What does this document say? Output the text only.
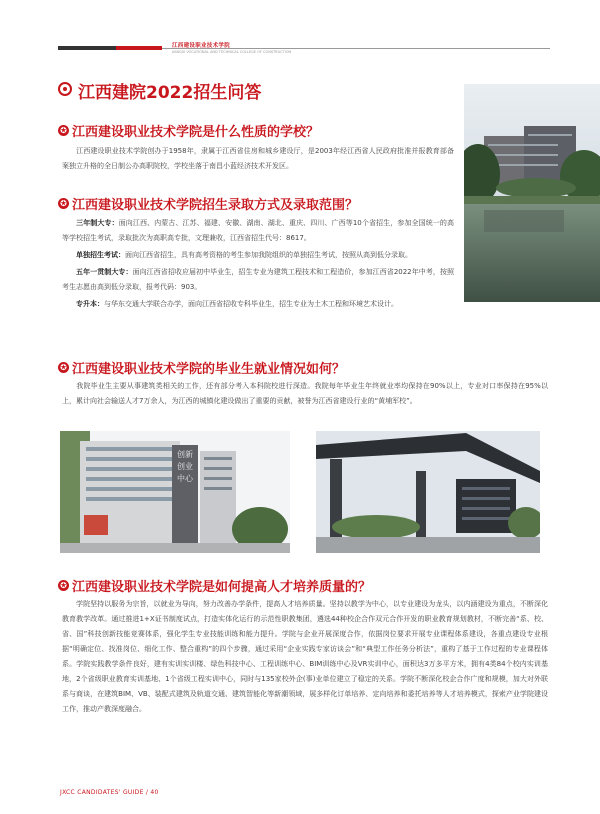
江西建设职业技术学院
JIANGXI VOCATIONAL AND TECHNICAL COLLEGE OF CONSTRUCTION
江西建院2022招生问答
✪ 江西建设职业技术学院是什么性质的学校？

江西建设职业技术学院创办于1958年，隶属于江西省住房和城乡建设厅，是2003年经江西省人民政府批准并报教育部备案独立升格的全日制公办高职院校，学校坐落于南昌小蓝经济技术开发区。

✪ 江西建设职业技术学院招生录取方式及录取范围？

三年制大专：面向江西、内蒙古、江苏、福建、安徽、湖南、湖北、重庆、四川、广西等10个省招生，参加全国统一的高等学校招生考试，录取批次为高职高专批，文理兼收，江西省招生代号：8617。

单独招生考试：面向江西省招生，具有高考资格的考生参加我院组织的单独招生考试，按照从高到低分录取。

五年一贯制大专：面向江西省招收应届初中毕业生，招生专业为建筑工程技术和工程造价，参加江西省2022年中考，按照考生志愿由高到低分录取，报考代码：903。

专升本：与华东交通大学联合办学，面向江西省招收专科毕业生，招生专业为土木工程和环境艺术设计。

✪ 江西建设职业技术学院的毕业生就业情况如何？

我院毕业生主要从事建筑类相关的工作，还有部分考入本科院校进行深造。我院每年毕业生年终就业率均保持在90%以上，专业对口率保持在95%以上，累计向社会输送人才7万余人，为江西的城镇化建设做出了重要的贡献，被誉为江西省建设行业的“黄埔军校”。

创新创业中心
✪ 江西建设职业技术学院是如何提高人才培养质量的？

学院坚持以服务为宗旨，以就业为导向，努力改善办学条件，提高人才培养质量。坚持以教学为中心，以专业建设为龙头，以内涵建设为重点，不断深化教育教学改革。通过推进1+X证书制度试点，打造实体化运行的示范性职教集团，遴选44种校企合作双元合作开发的职业教育规划教材，不断完善“系、校、省、国”科技创新技能竞赛体系，强化学生专业技能训练和能力提升。学院与企业开展深度合作，依据岗位要求开展专业课程体系建设，各重点建设专业根据“明确定位、找准岗位、细化工作、整合重构”的四个步骤，通过采用“企业实践专家访谈会”和“典型工作任务分析法”，重构了基于工作过程的专业课程体系。学院实践教学条件良好，建有实训实训楼、绿色科技中心、工程训练中心、BIM训练中心及VR实训中心，面积达3万多平方米，拥有4类84个校内实训基地，2个省级职业教育实训基地、1个省级工程实训中心，同时与135家校外企(事)业单位建立了稳定的关系。学院不断深化校企合作广度和规模，加大对外联系与商谈，在建筑BIM、VB、装配式建筑及轨道交通、建筑智能化等新潮领域，展多样化订单培养、定向培养和委托培养等人才培养模式，探索产业学院建设工作，推动产教深度融合。

JXCC CANDIDATES' GUIDE / 40
